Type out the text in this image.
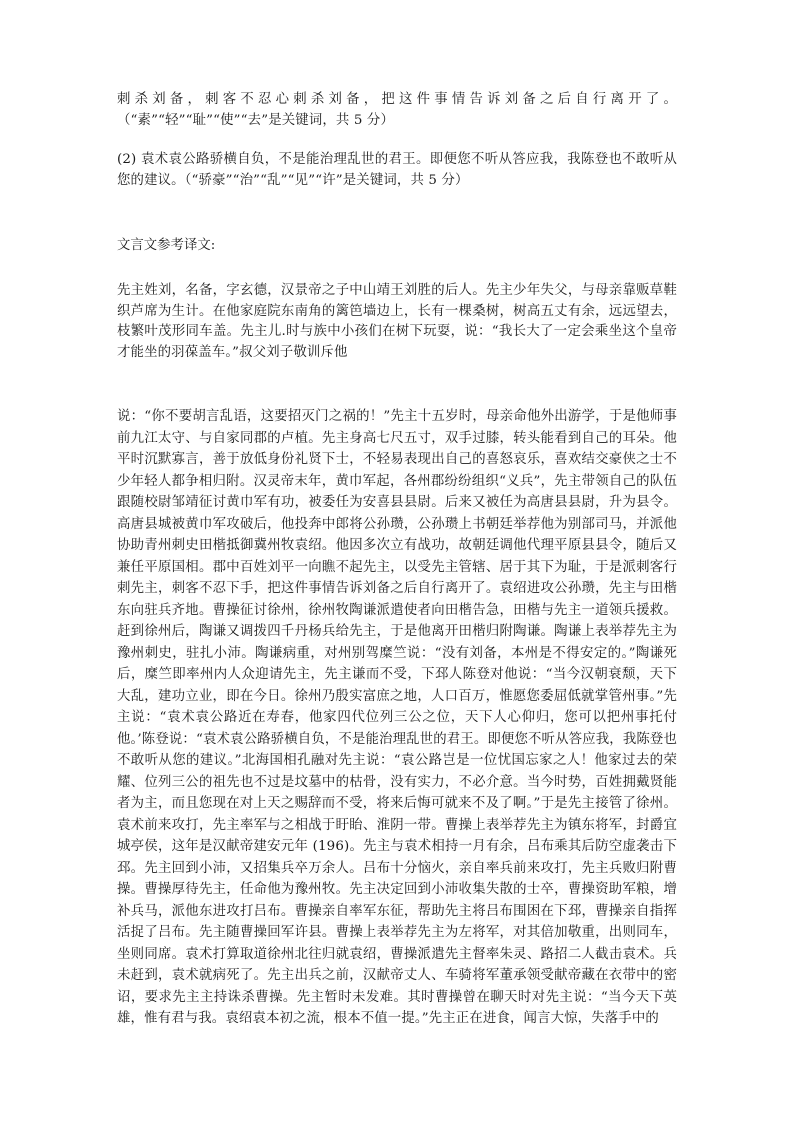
刺杀刘备，刺客不忍心刺杀刘备，把这件事情告诉刘备之后自行离开了。（“素”“轻”“耻”“使”“去”是关键词，共 5 分）

(2) 袁术袁公路骄横自负，不是能治理乱世的君王。即便您不听从答应我，我陈登也不敢听从您的建议。（“骄豪”“治”“乱”“见”“许”是关键词，共 5 分）

文言文参考译文:

先主姓刘，名备，字玄德，汉景帝之子中山靖王刘胜的后人。先主少年失父，与母亲靠贩草鞋织芦席为生计。在他家庭院东南角的篱笆墙边上，长有一棵桑树，树高五丈有余，远远望去，枝繁叶茂形同车盖。先主儿.时与族中小孩们在树下玩耍，说：“我长大了一定会乘坐这个皇帝才能坐的羽葆盖车。”叔父刘子敬训斥他

说：“你不要胡言乱语，这要招灭门之祸的！”先主十五岁时，母亲命他外出游学，于是他师事前九江太守、与自家同郡的卢植。先主身高七尺五寸，双手过膝，转头能看到自己的耳朵。他平时沉默寡言，善于放低身份礼贤下士，不轻易表现出自己的喜怒哀乐，喜欢结交豪侠之士不少年轻人都争相归附。汉灵帝末年，黄巾军起，各州郡纷纷组织“义兵”，先主带领自己的队伍跟随校尉邹靖征讨黄巾军有功，被委任为安喜县县尉。后来又被任为高唐县县尉，升为县令。高唐县城被黄巾军攻破后，他投奔中郎将公孙瓒，公孙瓒上书朝廷举荐他为别部司马，并派他协助青州刺史田楷抵御冀州牧袁绍。他因多次立有战功，故朝廷调他代理平原县县令，随后又兼任平原国相。郡中百姓刘平一向瞧不起先主，以受先主管辖、居于其下为耻，于是派刺客行刺先主，刺客不忍下手，把这件事情告诉刘备之后自行离开了。袁绍进攻公孙瓒，先主与田楷东向驻兵齐地。曹操征讨徐州，徐州牧陶谦派遣使者向田楷告急，田楷与先主一道领兵援救。赶到徐州后，陶谦又调拨四千丹杨兵给先主，于是他离开田楷归附陶谦。陶谦上表举荐先主为豫州刺史，驻扎小沛。陶谦病重，对州别驾糜竺说：“没有刘备，本州是不得安定的。”陶谦死后，糜竺即率州内人众迎请先主，先主谦而不受，下邳人陈登对他说：“当今汉朝衰颓，天下大乱，建功立业，即在今日。徐州乃殷实富庶之地，人口百万，惟愿您委屈低就掌管州事。”先主说：“袁术袁公路近在寿春，他家四代位列三公之位，天下人心仰归，您可以把州事托付他。’陈登说：“袁术袁公路骄横自负，不是能治理乱世的君王。即便您不听从答应我，我陈登也不敢听从您的建议。”北海国相孔融对先主说：“袁公路岂是一位忧国忘家之人！他家过去的荣耀、位列三公的祖先也不过是坟墓中的枯骨，没有实力，不必介意。当今时势，百姓拥戴贤能者为主，而且您现在对上天之赐辞而不受，将来后悔可就来不及了啊。”于是先主接管了徐州。袁术前来攻打，先主率军与之相战于盱眙、淮阴一带。曹操上表举荐先主为镇东将军，封爵宜城亭侯，这年是汉献帝建安元年 (196)。先主与袁术相持一月有余，吕布乘其后防空虚袭击下邳。先主回到小沛，又招集兵卒万余人。吕布十分恼火，亲自率兵前来攻打，先主兵败归附曹操。曹操厚待先主，任命他为豫州牧。先主决定回到小沛收集失散的士卒，曹操资助军粮，增补兵马，派他东进攻打吕布。曹操亲自率军东征，帮助先主将吕布围困在下邳，曹操亲自指挥活捉了吕布。先主随曹操回军许县。曹操上表举荐先主为左将军，对其倍加敬重，出则同车，坐则同席。袁术打算取道徐州北往归就袁绍，曹操派遣先主督率朱灵、路招二人截击袁术。兵未赶到，袁术就病死了。先主出兵之前，汉献帝丈人、车骑将军董承领受献帝藏在衣带中的密诏，要求先主主持诛杀曹操。先主暂时未发难。其时曹操曾在聊天时对先主说：“当今天下英雄，惟有君与我。袁绍袁本初之流，根本不值一提。”先主正在进食，闻言大惊，失落手中的
